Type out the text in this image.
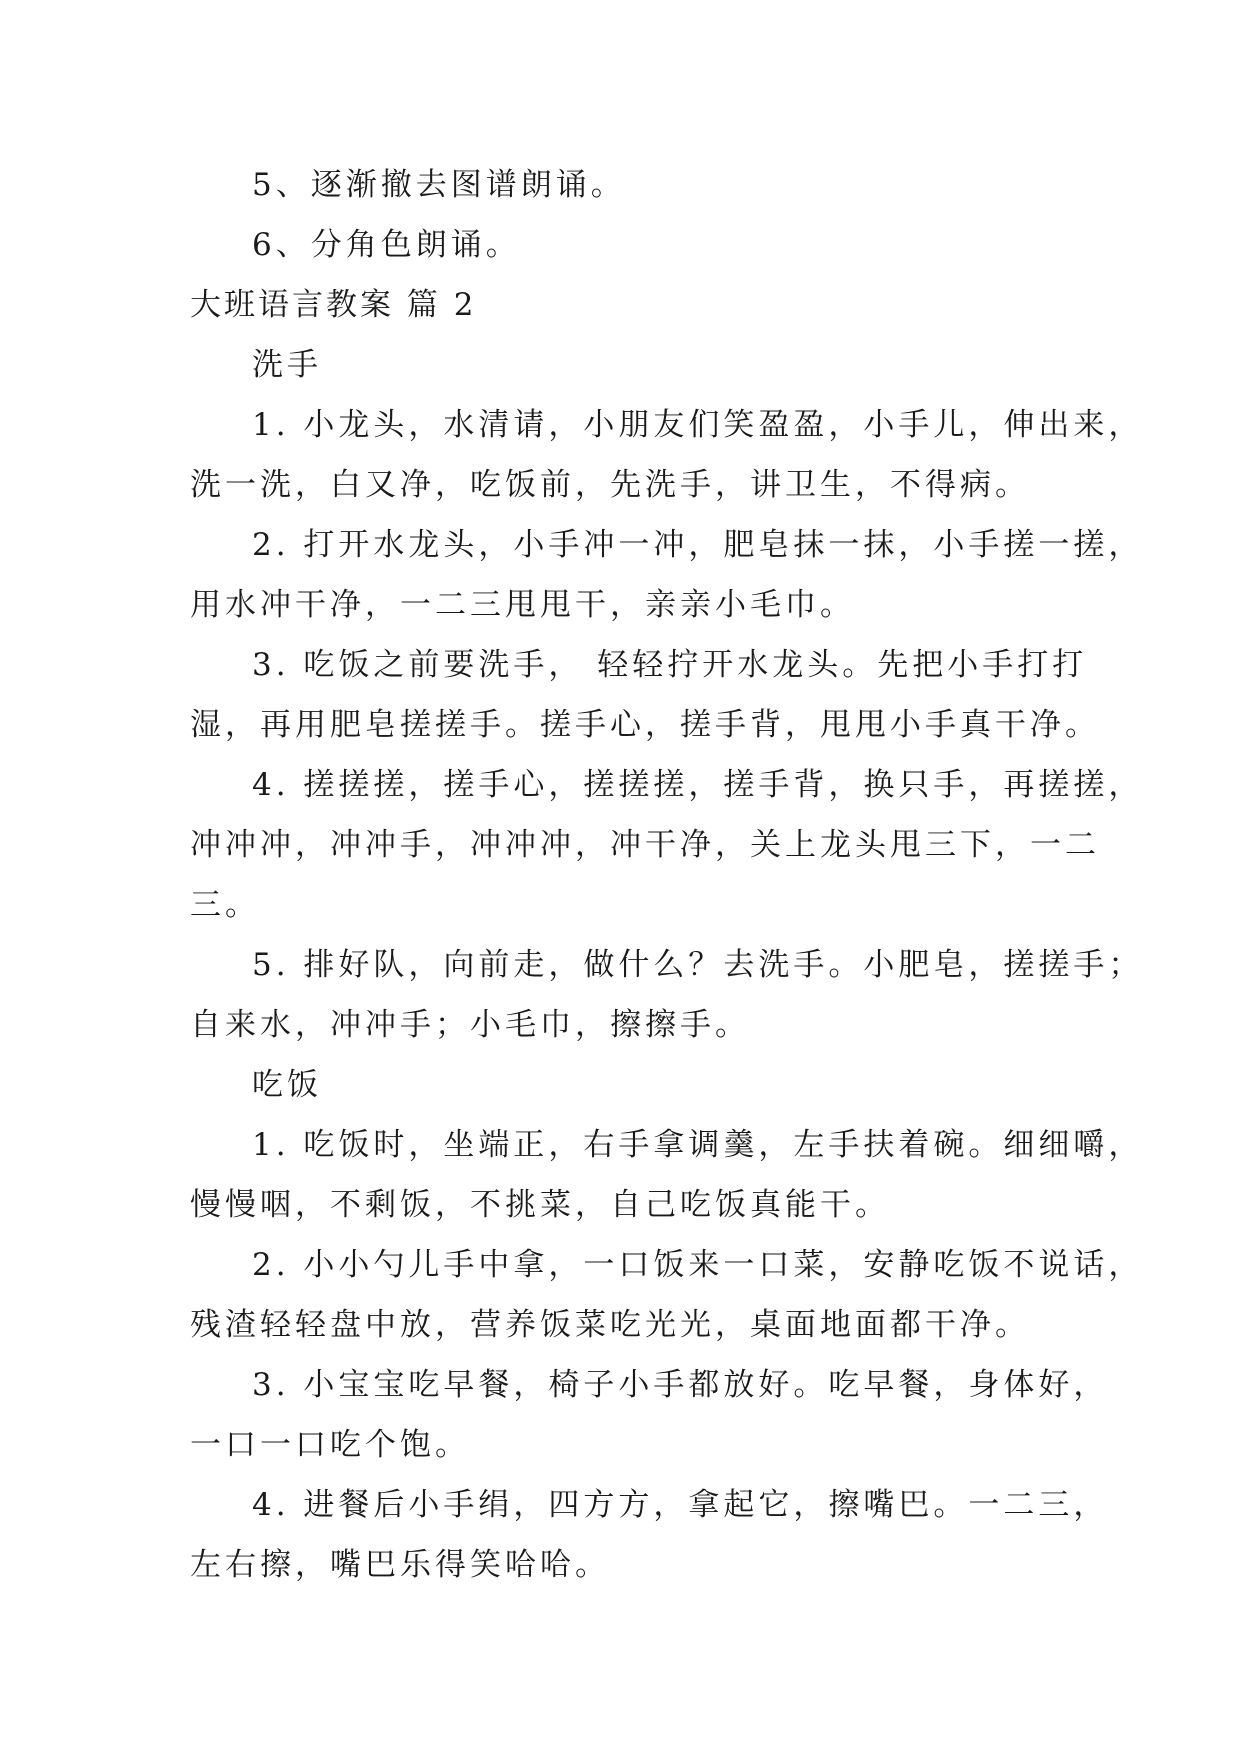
5、逐渐撤去图谱朗诵。
6、分角色朗诵。
大班语言教案 篇 2
洗手
1. 小龙头，水清请，小朋友们笑盈盈，小手儿，伸出来，
洗一洗，白又净，吃饭前，先洗手，讲卫生，不得病。
2. 打开水龙头，小手冲一冲，肥皂抹一抹，小手搓一搓，
用水冲干净，一二三甩甩干，亲亲小毛巾。
3. 吃饭之前要洗手， 轻轻拧开水龙头。先把小手打打
湿，再用肥皂搓搓手。搓手心，搓手背，甩甩小手真干净。
4. 搓搓搓，搓手心，搓搓搓，搓手背，换只手，再搓搓，
冲冲冲，冲冲手，冲冲冲，冲干净，关上龙头甩三下，一二
三。
5. 排好队，向前走，做什么？去洗手。小肥皂，搓搓手；
自来水，冲冲手；小毛巾，擦擦手。
吃饭
1. 吃饭时，坐端正，右手拿调羹，左手扶着碗。细细嚼，
慢慢咽，不剩饭，不挑菜，自己吃饭真能干。
2. 小小勺儿手中拿，一口饭来一口菜，安静吃饭不说话，
残渣轻轻盘中放，营养饭菜吃光光，桌面地面都干净。
3. 小宝宝吃早餐，椅子小手都放好。吃早餐，身体好，
一口一口吃个饱。
4. 进餐后小手绢，四方方，拿起它，擦嘴巴。一二三，
左右擦，嘴巴乐得笑哈哈。
